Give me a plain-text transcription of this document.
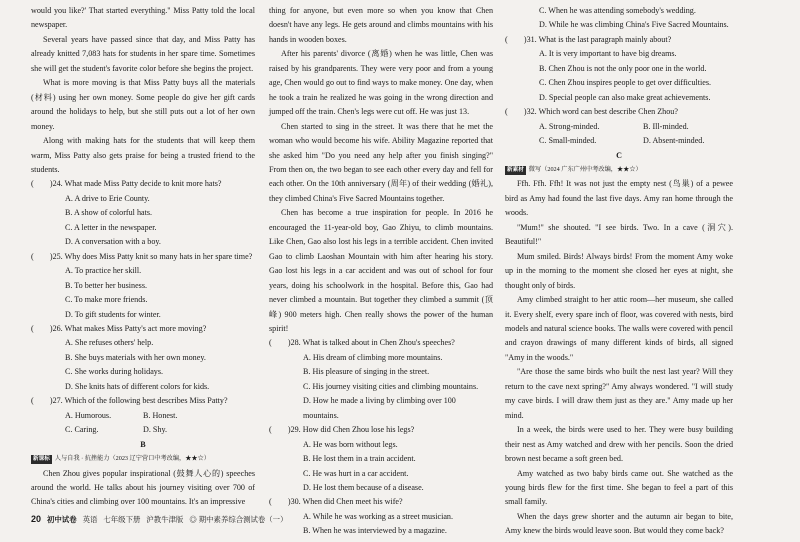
would you like?' That started everything." Miss Patty told the local newspaper.

Several years have passed since that day, and Miss Patty has already knitted 7,083 hats for students in her spare time. Sometimes she will get the student's favorite color before she begins the project.

What is more moving is that Miss Patty buys all the materials (材料) using her own money. Some people do give her gift cards around the holidays to help, but she still puts out a lot of her own money.

Along with making hats for the students that will keep them warm, Miss Patty also gets praise for being a trusted friend to the students.

(　　)24. What made Miss Patty decide to knit more hats?

A. A drive to Erie County.

B. A show of colorful hats.

C. A letter in the newspaper.

D. A conversation with a boy.

(　　)25. Why does Miss Patty knit so many hats in her spare time?

A. To practice her skill.

B. To better her business.

C. To make more friends.

D. To gift students for winter.

(　　)26. What makes Miss Patty's act more moving?

A. She refuses others' help.

B. She buys materials with her own money.

C. She works during holidays.

D. She knits hats of different colors for kids.

(　　)27. Which of the following best describes Miss Patty?

A. Humorous.	B. Honest.
C. Caring.	D. Shy.

B

新课标 人与自我 · 抗挫能力（2023 辽宁营口中考改编，★★☆）

Chen Zhou gives popular inspirational (鼓舞人心的) speeches around the world. He talks about his journey visiting over 700 of China's cities and climbing over 100 mountains. It's an impressive

thing for anyone, but even more so when you know that Chen doesn't have any legs. He gets around and climbs mountains with his hands in wooden boxes.

After his parents' divorce (离婚) when he was little, Chen was raised by his grandparents. They were very poor and from a young age, Chen would go out to find ways to make money. One day, when he took a train he realized he was going in the wrong direction and jumped off the train. Chen's legs were cut off. He was just 13.

Chen started to sing in the street. It was there that he met the woman who would become his wife. Ability Magazine reported that she asked him "Do you need any help after you finish singing?" From then on, the two began to see each other every day and fell for each other. On the 10th anniversary (周年) of their wedding (婚礼), they climbed China's Five Sacred Mountains together.

Chen has become a true inspiration for people. In 2016 he encouraged the 11-year-old boy, Gao Zhiyu, to climb mountains. Like Chen, Gao also lost his legs in a terrible accident. Chen invited Gao to climb Laoshan Mountain with him after hearing his story. Gao lost his legs in a car accident and was out of school for four years, doing his schoolwork in the hospital. Before this, Gao had never climbed a mountain. But together they climbed a summit (顶峰) 900 meters high. Chen really shows the power of the human spirit!

(　　)28. What is talked about in Chen Zhou's speeches?

A. His dream of climbing more mountains.

B. His pleasure of singing in the street.

C. His journey visiting cities and climbing mountains.

D. How he made a living by climbing over 100 mountains.

(　　)29. How did Chen Zhou lose his legs?

A. He was born without legs.

B. He lost them in a train accident.

C. He was hurt in a car accident.

D. He lost them because of a disease.

(　　)30. When did Chen meet his wife?

A. While he was working as a street musician.

B. When he was interviewed by a magazine.

C. When he was attending somebody's wedding.

D. While he was climbing China's Five Sacred Mountains.

(　　)31. What is the last paragraph mainly about?

A. It is very important to have big dreams.

B. Chen Zhou is not the only poor one in the world.

C. Chen Zhou inspires people to get over difficulties.

D. Special people can also make great achievements.

(　　)32. Which word can best describe Chen Zhou?

A. Strong-minded.	B. Ill-minded.
C. Small-minded.	D. Absent-minded.

C

新素材 微写（2024 广东广州中考改编，★★☆）

Ffh. Ffh. Ffh! It was not just the empty nest (鸟巢) of a pewee bird as Amy had found the last five days. Amy ran home through the woods.

"Mum!" she shouted. "I see birds. Two. In a cave (洞穴). Beautiful!"

Mum smiled. Birds! Always birds! From the moment Amy woke up in the morning to the moment she closed her eyes at night, she thought only of birds.

Amy climbed straight to her attic room—her museum, she called it. Every shelf, every spare inch of floor, was covered with nests, bird models and natural science books. The walls were covered with pencil and crayon drawings of many different kinds of birds, all signed "Amy in the woods."

"Are those the same birds who built the nest last year? Will they return to the cave next spring?" Amy always wondered. "I will study my cave birds. I will draw them just as they are." Amy made up her mind.

In a week, the birds were used to her. They were busy building their nest as Amy watched and drew with her pencils. Soon the dried brown nest became a soft green bed.

Amy watched as two baby birds came out. She watched as the young birds flew for the first time. She began to feel a part of this small family.

When the days grew shorter and the autumn air began to bite, Amy knew the birds would leave soon. But would they come back?

20 初中试卷 英语 七年级下册 沪教牛津版 ◎ 期中素养综合测试卷（一）
